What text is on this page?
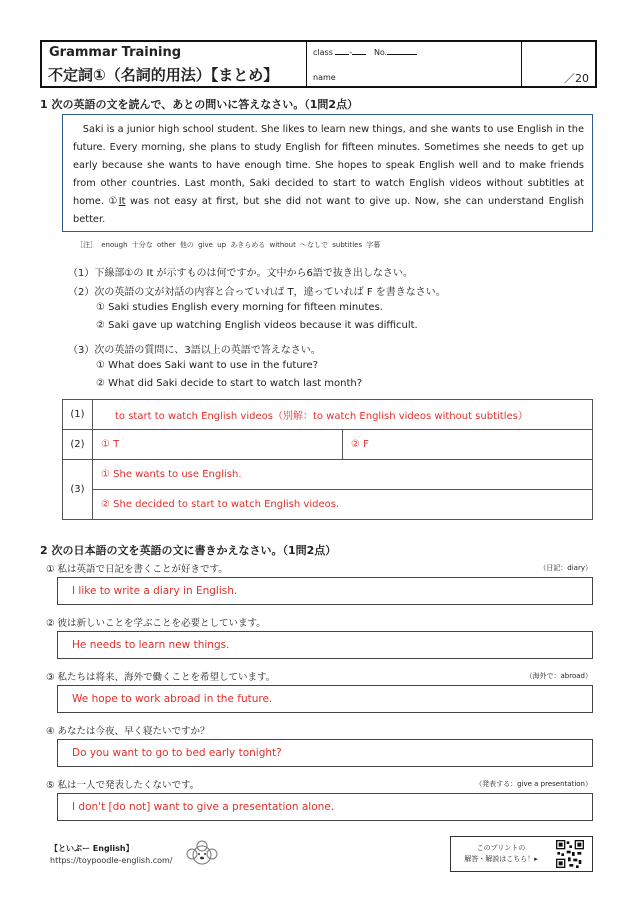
Grammar Training
不定詞①（名詞的用法）【まとめ】
class -	No.
name	／20
1 次の英語の文を読んで、あとの問いに答えなさい。（1問2点）

Saki is a junior high school student. She likes to learn new things, and she wants to use English in the future. Every morning, she plans to study English for fifteen minutes. Sometimes she needs to get up early because she wants to have enough time. She hopes to speak English well and to make friends from other countries. Last month, Saki decided to start to watch English videos without subtitles at home. ①It was not easy at first, but she did not want to give up. Now, she can understand English better.

［注］ enough 十分な other 他の give up あきらめる without ～なしで subtitles 字幕
（1）下線部①の It が示すものは何ですか。文中から6語で抜き出しなさい。
（2）次の英語の文が対話の内容と合っていれば T，違っていれば F を書きなさい。
① Saki studies English every morning for fifteen minutes.
② Saki gave up watching English videos because it was difficult.
（3）次の英語の質問に、3語以上の英語で答えなさい。
① What does Saki want to use in the future?
② What did Saki decide to start to watch last month?
(1)	to start to watch English videos（別解：to watch English videos without subtitles）	
(2)	① T	② F
(3)	① She wants to use English.	
	② She decided to start to watch English videos.	
2 次の日本語の文を英語の文に書きかえなさい。（1問2点）
① 私は英語で日記を書くことが好きです。	（日記：diary）
I like to write a diary in English.
② 彼は新しいことを学ぶことを必要としています。
He needs to learn new things.
③ 私たちは将来、海外で働くことを希望しています。	（海外で：abroad）
We hope to work abroad in the future.
④ あなたは今夜、早く寝たいですか？
Do you want to go to bed early tonight?
⑤ 私は一人で発表したくないです。	（発表する：give a presentation）
I don't [do not] want to give a presentation alone.
【といぷー English】
https://toypoodle-english.com/
このプリントの
解答・解説はこちら！▸
